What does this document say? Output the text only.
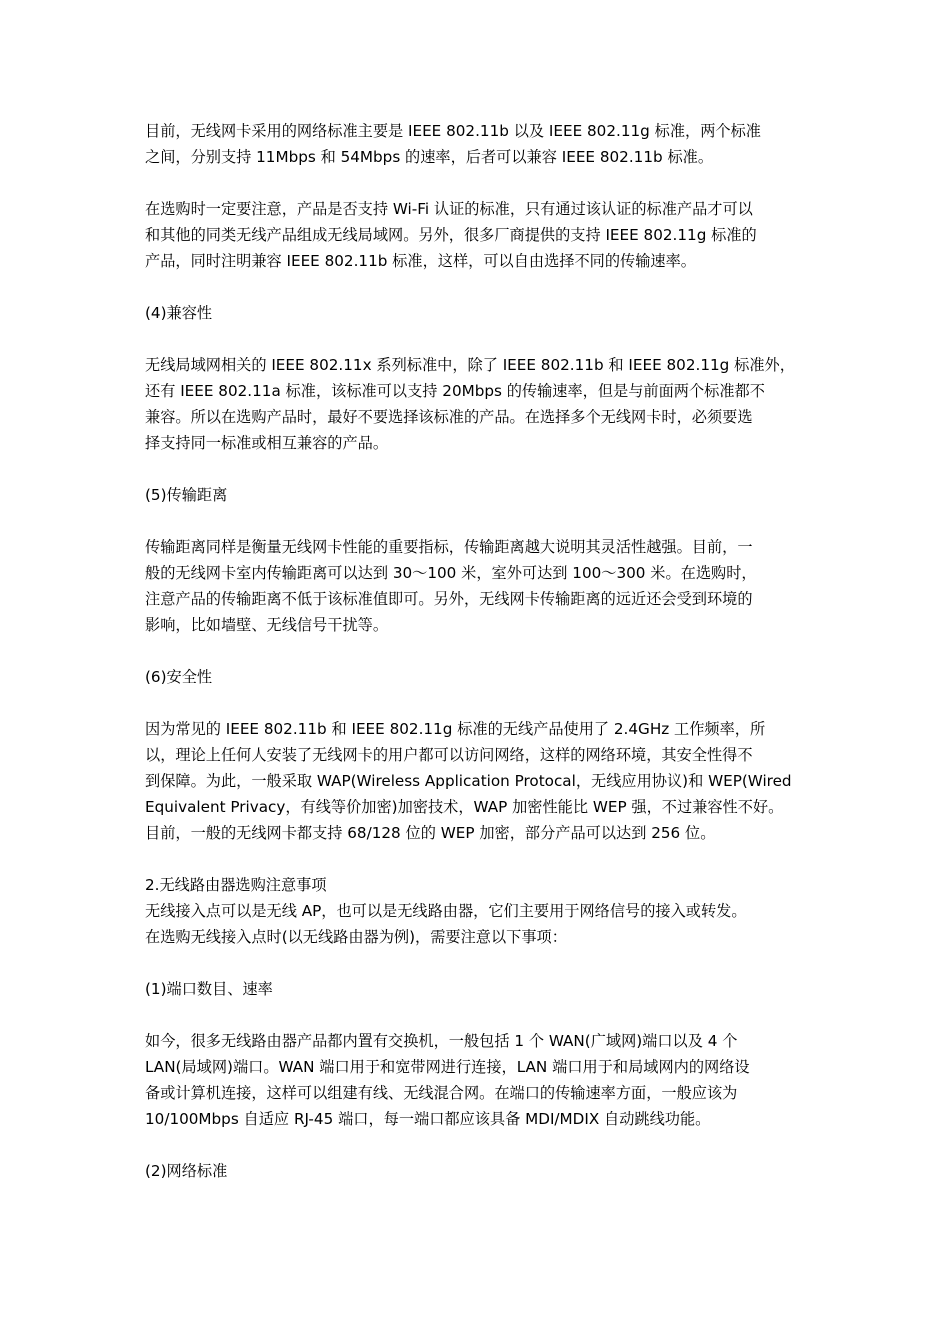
目前，无线网卡采用的网络标准主要是 IEEE 802.11b 以及 IEEE 802.11g 标准，两个标准
之间，分别支持 11Mbps 和 54Mbps 的速率，后者可以兼容 IEEE 802.11b 标准。

在选购时一定要注意，产品是否支持 Wi-Fi 认证的标准，只有通过该认证的标准产品才可以
和其他的同类无线产品组成无线局域网。另外，很多厂商提供的支持 IEEE 802.11g 标准的
产品，同时注明兼容 IEEE 802.11b 标准，这样，可以自由选择不同的传输速率。

(4)兼容性

无线局域网相关的 IEEE 802.11x 系列标准中，除了 IEEE 802.11b 和 IEEE 802.11g 标准外，
还有 IEEE 802.11a 标准，该标准可以支持 20Mbps 的传输速率，但是与前面两个标准都不
兼容。所以在选购产品时，最好不要选择该标准的产品。在选择多个无线网卡时，必须要选
择支持同一标准或相互兼容的产品。

(5)传输距离

传输距离同样是衡量无线网卡性能的重要指标，传输距离越大说明其灵活性越强。目前，一
般的无线网卡室内传输距离可以达到 30～100 米，室外可达到 100～300 米。在选购时，
注意产品的传输距离不低于该标准值即可。另外，无线网卡传输距离的远近还会受到环境的
影响，比如墙壁、无线信号干扰等。

(6)安全性

因为常见的 IEEE 802.11b 和 IEEE 802.11g 标准的无线产品使用了 2.4GHz 工作频率，所
以，理论上任何人安装了无线网卡的用户都可以访问网络，这样的网络环境，其安全性得不
到保障。为此，一般采取 WAP(Wireless Application Protocal，无线应用协议)和 WEP(Wired
Equivalent Privacy，有线等价加密)加密技术，WAP 加密性能比 WEP 强，不过兼容性不好。
目前，一般的无线网卡都支持 68/128 位的 WEP 加密，部分产品可以达到 256 位。

2.无线路由器选购注意事项
无线接入点可以是无线 AP，也可以是无线路由器，它们主要用于网络信号的接入或转发。
在选购无线接入点时(以无线路由器为例)，需要注意以下事项：

(1)端口数目、速率

如今，很多无线路由器产品都内置有交换机，一般包括 1 个 WAN(广域网)端口以及 4 个
LAN(局域网)端口。WAN 端口用于和宽带网进行连接，LAN 端口用于和局域网内的网络设
备或计算机连接，这样可以组建有线、无线混合网。在端口的传输速率方面，一般应该为
10/100Mbps 自适应 RJ-45 端口，每一端口都应该具备 MDI/MDIX 自动跳线功能。

(2)网络标准
